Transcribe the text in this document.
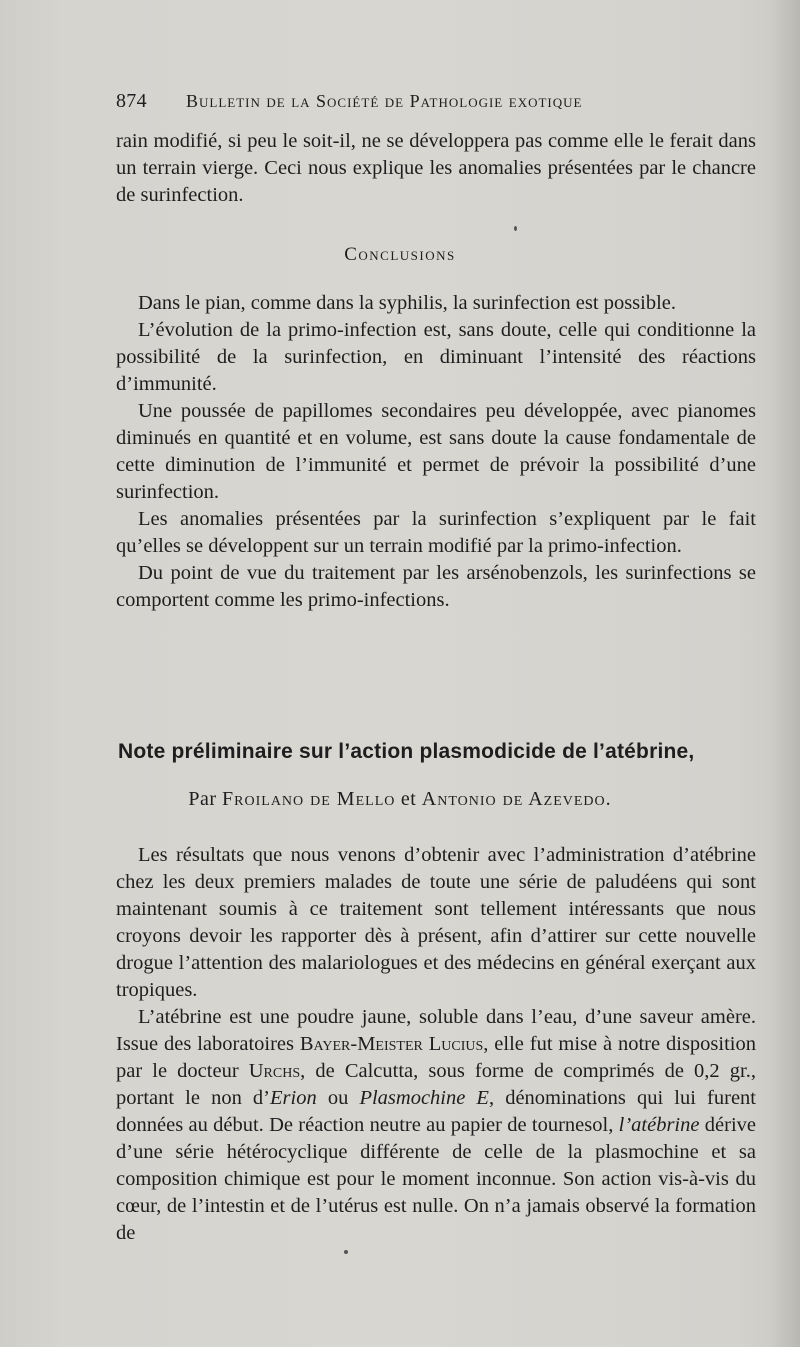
874	Bulletin de la Société de Pathologie exotique

rain modifié, si peu le soit-il, ne se développera pas comme elle le ferait dans un terrain vierge. Ceci nous explique les anomalies présentées par le chancre de surinfection.

Conclusions

Dans le pian, comme dans la syphilis, la surinfection est possible.

L’évolution de la primo-infection est, sans doute, celle qui conditionne la possibilité de la surinfection, en diminuant l’intensité des réactions d’immunité.

Une poussée de papillomes secondaires peu développée, avec pianomes diminués en quantité et en volume, est sans doute la cause fondamentale de cette diminution de l’immunité et permet de prévoir la possibilité d’une surinfection.

Les anomalies présentées par la surinfection s’expliquent par le fait qu’elles se développent sur un terrain modifié par la primo-infection.

Du point de vue du traitement par les arsénobenzols, les surinfections se comportent comme les primo-infections.

Note préliminaire sur l’action plasmodicide de l’atébrine,
Par Froilano de Mello et Antonio de Azevedo.

Les résultats que nous venons d’obtenir avec l’administration d’atébrine chez les deux premiers malades de toute une série de paludéens qui sont maintenant soumis à ce traitement sont tellement intéressants que nous croyons devoir les rapporter dès à présent, afin d’attirer sur cette nouvelle drogue l’attention des malariologues et des médecins en général exerçant aux tropiques.

L’atébrine est une poudre jaune, soluble dans l’eau, d’une saveur amère. Issue des laboratoires Bayer-Meister Lucius, elle fut mise à notre disposition par le docteur Urchs, de Calcutta, sous forme de comprimés de 0,2 gr., portant le non d’Erion ou Plasmochine E, dénominations qui lui furent données au début. De réaction neutre au papier de tournesol, l’atébrine dérive d’une série hétérocyclique différente de celle de la plasmochine et sa composition chimique est pour le moment inconnue. Son action vis-à-vis du cœur, de l’intestin et de l’utérus est nulle. On n’a jamais observé la formation de
